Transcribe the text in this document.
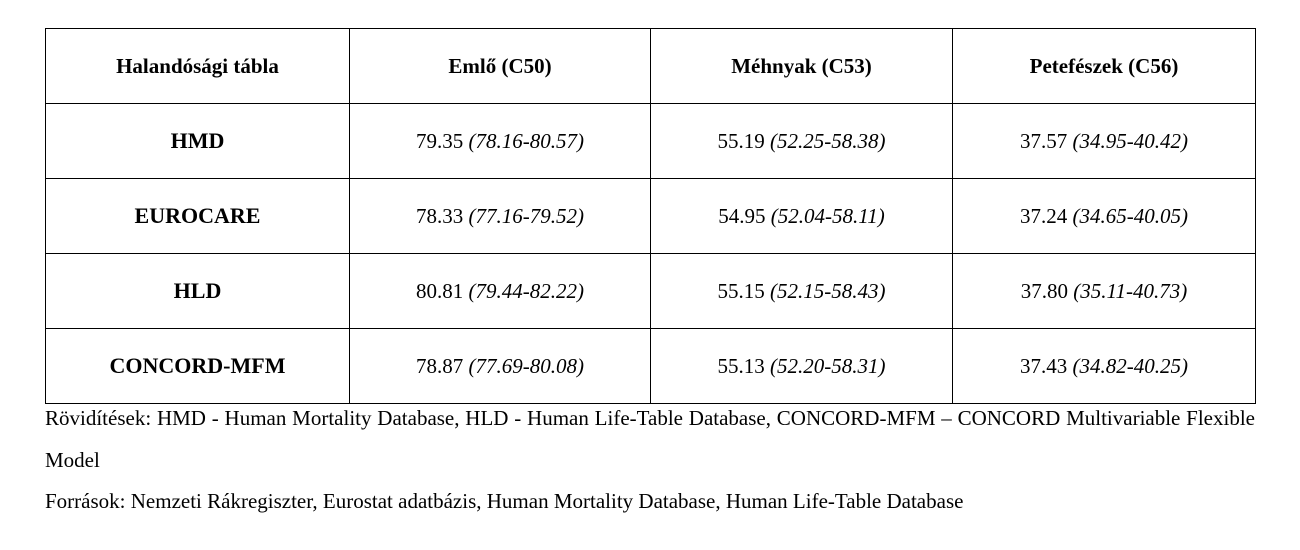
Halandósági tábla	Emlő (C50)	Méhnyak (C53)	Petefészek (C56)
HMD	79.35 (78.16-80.57)	55.19 (52.25-58.38)	37.57 (34.95-40.42)
EUROCARE	78.33 (77.16-79.52)	54.95 (52.04-58.11)	37.24 (34.65-40.05)
HLD	80.81 (79.44-82.22)	55.15 (52.15-58.43)	37.80 (35.11-40.73)
CONCORD-MFM	78.87 (77.69-80.08)	55.13 (52.20-58.31)	37.43 (34.82-40.25)

Rövidítések: HMD - Human Mortality Database, HLD - Human Life-Table Database, CONCORD-MFM – CONCORD Multivariable Flexible Model

Források: Nemzeti Rákregiszter, Eurostat adatbázis, Human Mortality Database, Human Life-Table Database
